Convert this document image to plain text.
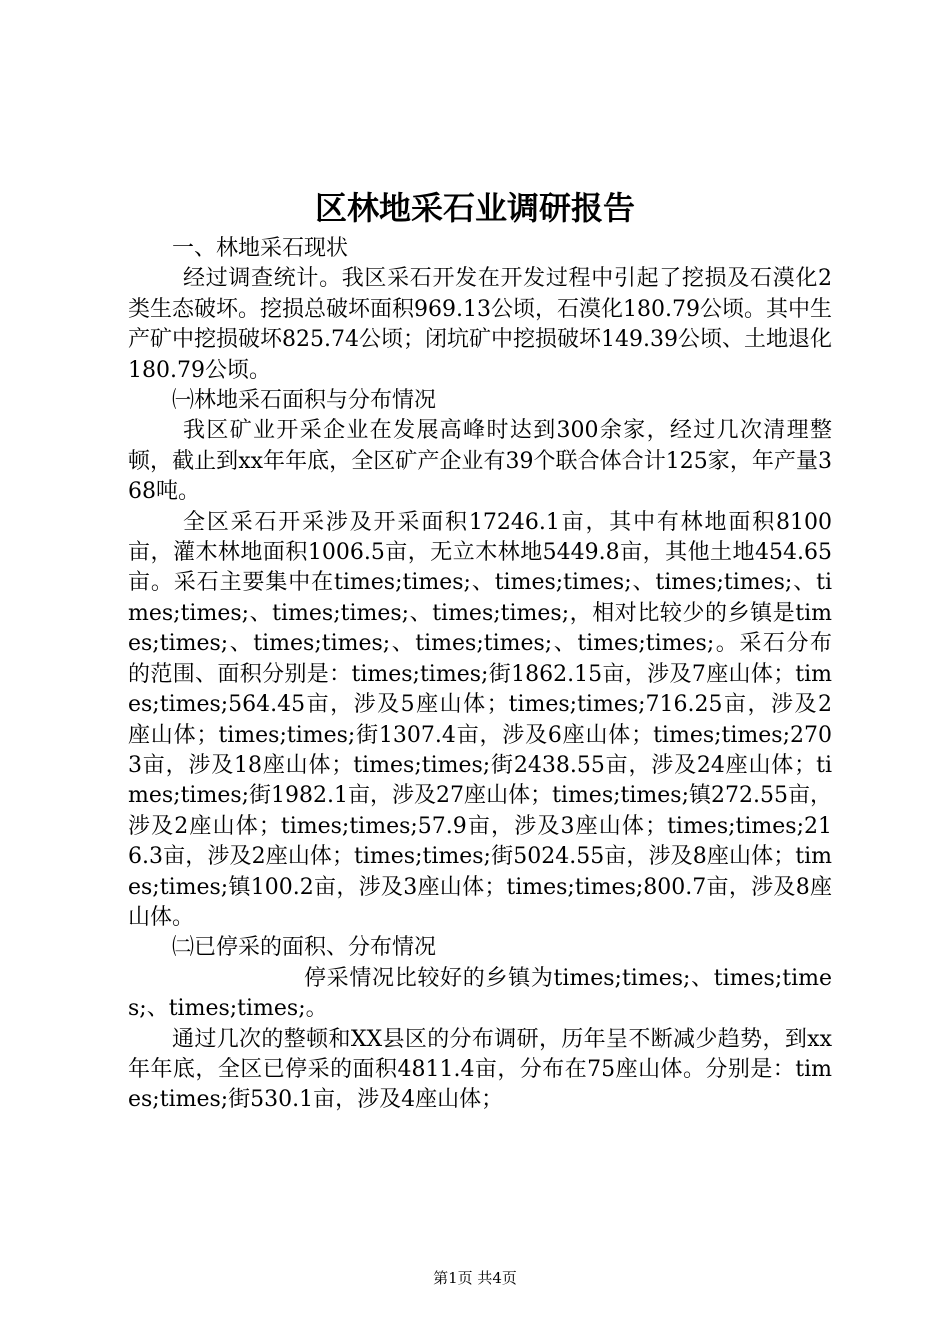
区林地采石业调研报告

一、林地采石现状

经过调查统计。我区采石开发在开发过程中引起了挖损及石漠化2类生态破坏。挖损总破坏面积969.13公顷，石漠化180.79公顷。其中生产矿中挖损破坏825.74公顷；闭坑矿中挖损破坏149.39公顷、土地退化180.79公顷。

㈠林地采石面积与分布情况

我区矿业开采企业在发展高峰时达到300余家，经过几次清理整顿，截止到xx年年底，全区矿产企业有39个联合体合计125家，年产量368吨。

全区采石开采涉及开采面积17246.1亩，其中有林地面积8100亩，灌木林地面积1006.5亩，无立木林地5449.8亩，其他土地454.65亩。采石主要集中在times;times;、times;times;、times;times;、times;times;、times;times;、times;times;，相对比较少的乡镇是times;times;、times;times;、times;times;、times;times;。采石分布的范围、面积分别是：times;times;街1862.15亩，涉及7座山体；times;times;564.45亩，涉及5座山体；times;times;716.25亩，涉及2座山体；times;times;街1307.4亩，涉及6座山体；times;times;2703亩，涉及18座山体；times;times;街2438.55亩，涉及24座山体；times;times;街1982.1亩，涉及27座山体；times;times;镇272.55亩，涉及2座山体；times;times;57.9亩，涉及3座山体；times;times;216.3亩，涉及2座山体；times;times;街5024.55亩，涉及8座山体；times;times;镇100.2亩，涉及3座山体；times;times;800.7亩，涉及8座山体。

㈡已停采的面积、分布情况

停采情况比较好的乡镇为times;times;、times;times;、times;times;。

通过几次的整顿和XX县区的分布调研，历年呈不断减少趋势，到xx年年底，全区已停采的面积4811.4亩，分布在75座山体。分别是：times;times;街530.1亩，涉及4座山体；

第1页 共4页
